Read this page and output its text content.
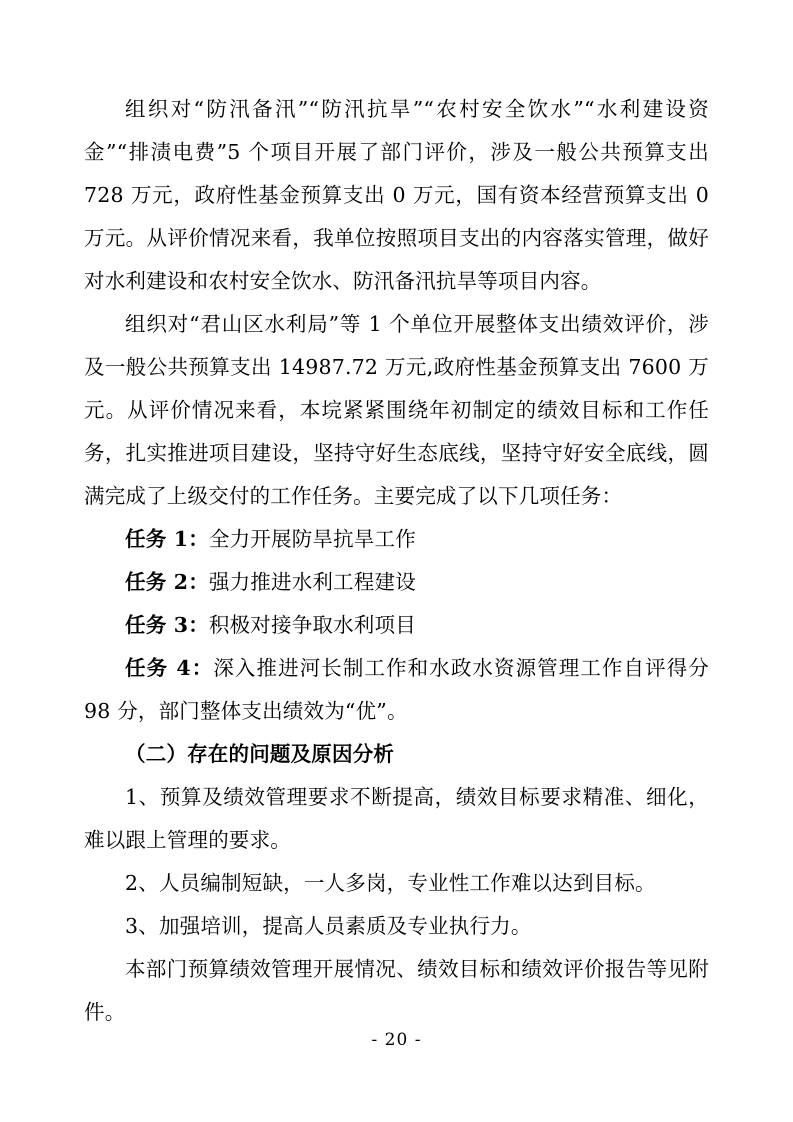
组织对“防汛备汛”“防汛抗旱”“农村安全饮水”“水利建设资金”“排渍电费”5 个项目开展了部门评价，涉及一般公共预算支出 728 万元，政府性基金预算支出 0 万元，国有资本经营预算支出 0 万元。从评价情况来看，我单位按照项目支出的内容落实管理，做好对水利建设和农村安全饮水、防汛备汛抗旱等项目内容。

组织对“君山区水利局”等 1 个单位开展整体支出绩效评价，涉及一般公共预算支出 14987.72 万元,政府性基金预算支出 7600 万元。从评价情况来看，本垸紧紧围绕年初制定的绩效目标和工作任务，扎实推进项目建设，坚持守好生态底线，坚持守好安全底线，圆满完成了上级交付的工作任务。主要完成了以下几项任务：

任务 1：全力开展防旱抗旱工作

任务 2：强力推进水利工程建设

任务 3：积极对接争取水利项目

任务 4：深入推进河长制工作和水政水资源管理工作自评得分 98 分，部门整体支出绩效为“优”。

（二）存在的问题及原因分析

1、预算及绩效管理要求不断提高，绩效目标要求精准、细化，难以跟上管理的要求。

2、人员编制短缺，一人多岗，专业性工作难以达到目标。

3、加强培训，提高人员素质及专业执行力。

本部门预算绩效管理开展情况、绩效目标和绩效评价报告等见附件。

- 20 -
